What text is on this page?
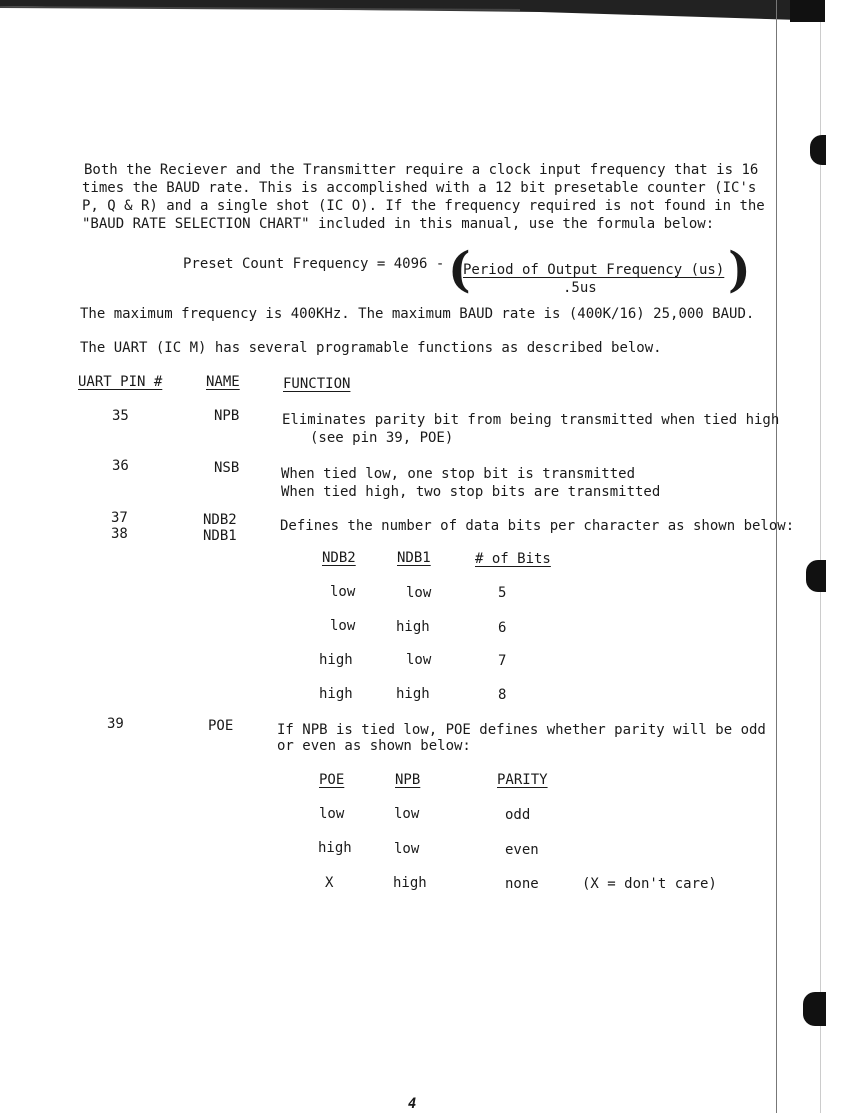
Both the Reciever and the Transmitter require a clock input frequency that is 16
times the BAUD rate. This is accomplished with a 12 bit presetable counter (IC's
P, Q & R) and a single shot (IC O). If the frequency required is not found in the
"BAUD RATE SELECTION CHART" included in this manual, use the formula below:
Preset Count Frequency = 4096 - (
Period of Output Frequency (us)
.5us	)
The maximum frequency is 400KHz. The maximum BAUD rate is (400K/16) 25,000 BAUD.
The UART (IC M) has several programable functions as described below.
UART PIN #	NAME	FUNCTION
35	NPB	Eliminates parity bit from being transmitted when tied high
(see pin 39, POE)
36	NSB	When tied low, one stop bit is transmitted
When tied high, two stop bits are transmitted
37	NDB2	Defines the number of data bits per character as shown below:
38	NDB1
NDB2	NDB1	# of Bits
low	low	5
low	high	6
high	low	7
high	high	8
39	POE	If NPB is tied low, POE defines whether parity will be odd
or even as shown below:
POE	NPB	PARITY
low	low	odd
high	low	even
X	high	none	(X = don't care)
4
